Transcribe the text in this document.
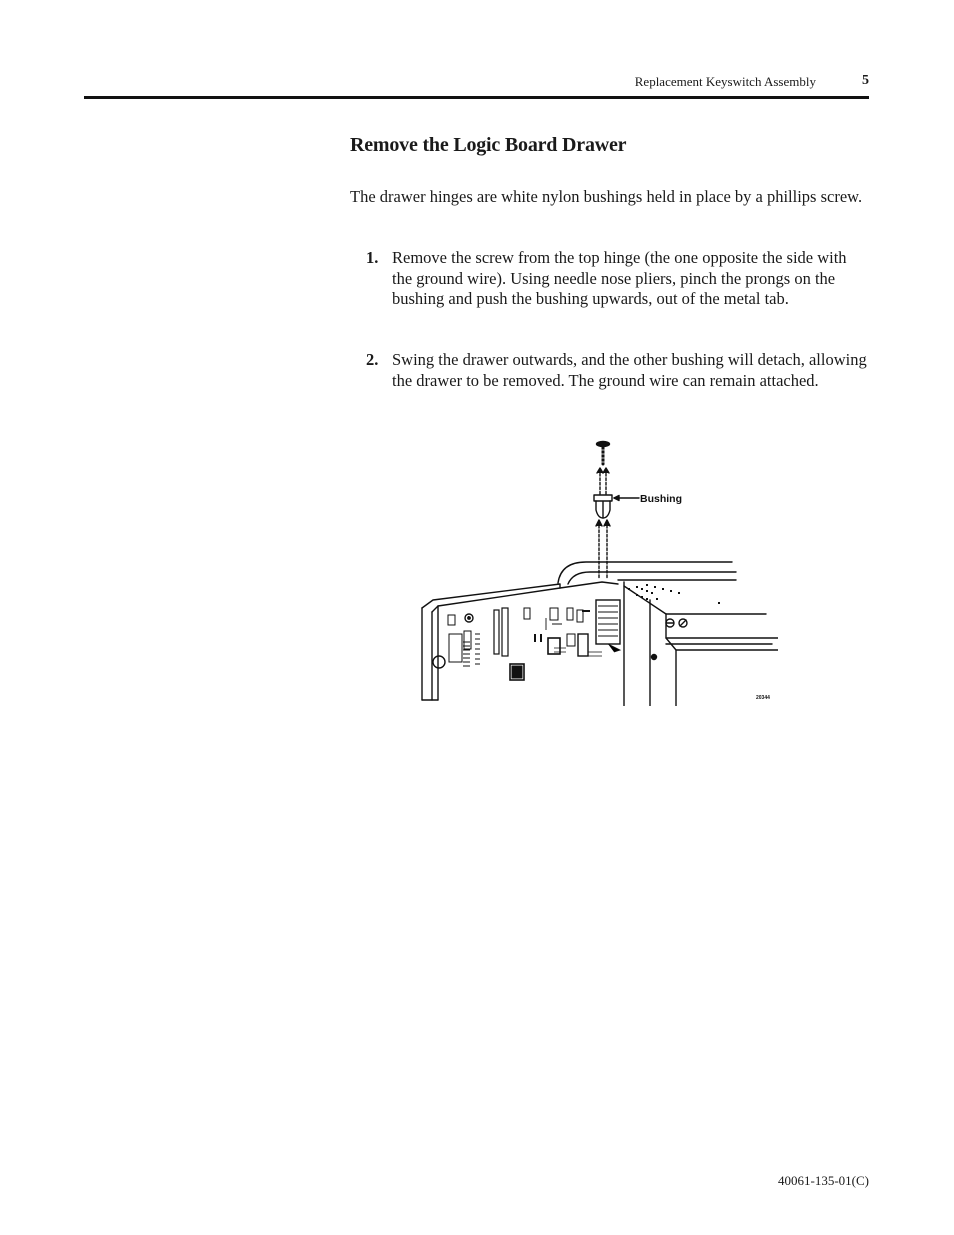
Replacement Keyswitch Assembly	5
Remove the Logic Board Drawer

The drawer hinges are white nylon bushings held in place by a phillips screw.

1. Remove the screw from the top hinge (the one opposite the side with the ground wire). Using needle nose pliers, pinch the prongs on the bushing and push the bushing upwards, out of the metal tab.
2. Swing the drawer outwards, and the other bushing will detach, allowing the drawer to be removed. The ground wire can remain attached.
Bushing
20344
40061-135-01(C)
